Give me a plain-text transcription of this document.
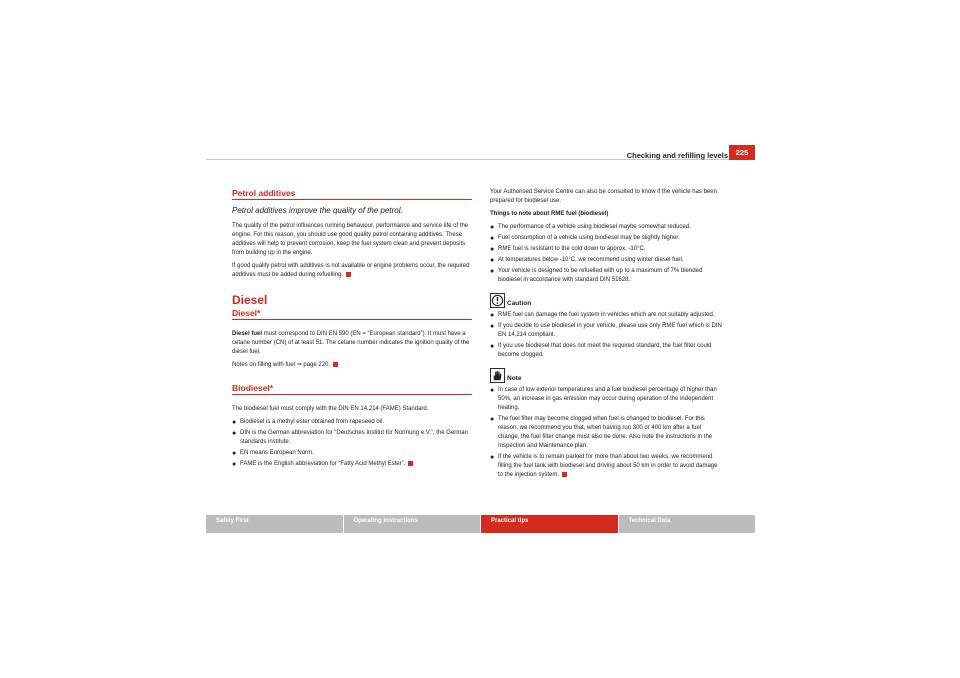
Checking and refilling levels	225
Petrol additives
Petrol additives improve the quality of the petrol.

The quality of the petrol influences running behaviour, performance and service life of the engine. For this reason, you should use good quality petrol containing additives. These additives will help to prevent corrosion, keep the fuel system clean and prevent deposits from building up in the engine.

If good quality petrol with additives is not available or engine problems occur, the required additives must be added during refuelling.

Diesel
Diesel*

Diesel fuel must correspond to DIN EN 590 (EN = “European standard”). It must have a cetane number (CN) of at least 51. The cetane number indicates the ignition quality of the diesel fuel.

Notes on filling with fuel ⇒ page 220.

Biodiesel*

The biodiesel fuel must comply with the DIN EN 14.214 (FAME) Standard.

● Biodiesel is a methyl ester obtained from rapeseed oil.
● DIN is the German abbreviation for “Deutsches Institut für Normung e.V.”, the German standards institute.
● EN means European Norm.
● FAME is the English abbreviation for “Fatty Acid Methyl Ester”.

Your Authorised Service Centre can also be consulted to know if the vehicle has been prepared for biodiesel use.

Things to note about RME fuel (biodiesel)

● The performance of a vehicle using biodiesel maybe somewhat reduced.
● Fuel consumption of a vehicle using biodiesel may be slightly higher.
● RME fuel is resistant to the cold down to approx. -10°C.
● At temperatures below -10°C, we recommend using winter diesel fuel.
● Your vehicle is designed to be refuelled with up to a maximum of 7% blended biodiesel in accordance with standard DIN 51628.
Caution
● RME fuel can damage the fuel system in vehicles which are not suitably adjusted.
● If you decide to use biodiesel in your vehicle, please use only RME fuel which is DIN EN 14,214 compliant.
● If you use biodiesel that does not meet the required standard, the fuel filter could become clogged.
Note
● In case of low exterior temperatures and a fuel biodiesel percentage of higher than 50%, an increase in gas emission may occur during operation of the independent heating.
● The fuel filter may become clogged when fuel is changed to biodiesel. For this reason, we recommend you that, when having run 300 or 400 km after a fuel change, the fuel filter change must also be done. Also note the instructions in the Inspection and Maintenance plan.
● If the vehicle is to remain parked for more than about two weeks, we recommend filling the fuel tank with biodiesel and driving about 50 km in order to avoid damage to the injection system.
Safety First	Operating instructions	Practical tips	Technical Data
